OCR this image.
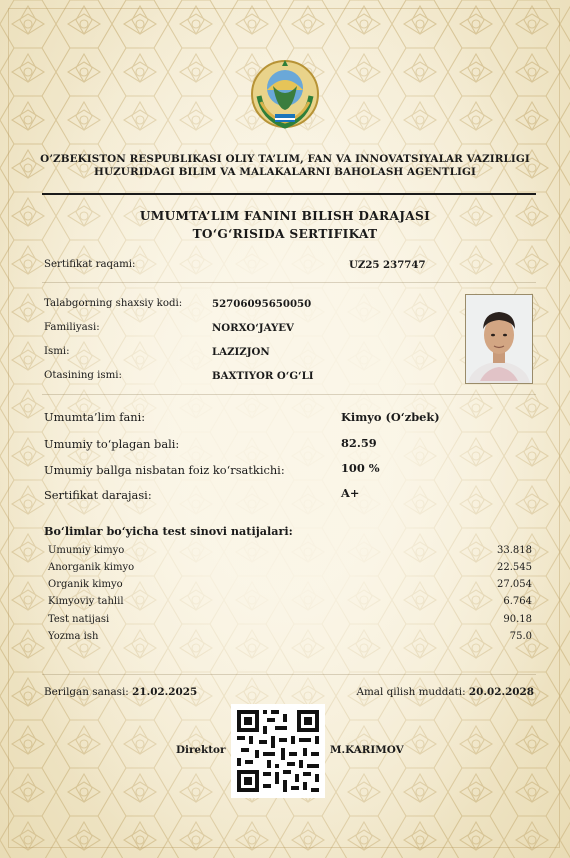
O’ZBEKISTON RESPUBLIKASI OLIY TA’LIM, FAN VA INNOVATSIYALAR VAZIRLIGI
HUZURIDAGI BILIM VA MALAKALARNI BAHOLASH AGENTLIGI
UMUMTA’LIM FANINI BILISH DARAJASI
TO‘G‘RISIDA SERTIFIKAT
Sertifikat raqami:	UZ25 237747
Talabgorning shaxsiy kodi:	52706095650050
Familiyasi:	NORXO‘JAYEV
Ismi:	LAZIZJON
Otasining ismi:	BAXTIYOR O‘G‘LI
Umumta’lim fani:	Kimyo (O‘zbek)
Umumiy to‘plagan bali:	82.59
Umumiy ballga nisbatan foiz ko‘rsatkichi:	100 %
Sertifikat darajasi:	A+
Bo‘limlar bo‘yicha test sinovi natijalari:
Umumiy kimyo	33.818
Anorganik kimyo	22.545
Organik kimyo	27.054
Kimyoviy tahlil	6.764
Test natijasi	90.18
Yozma ish	75.0
Berilgan sanasi: 21.02.2025	Amal qilish muddati: 20.02.2028
Direktor	M.KARIMOV
